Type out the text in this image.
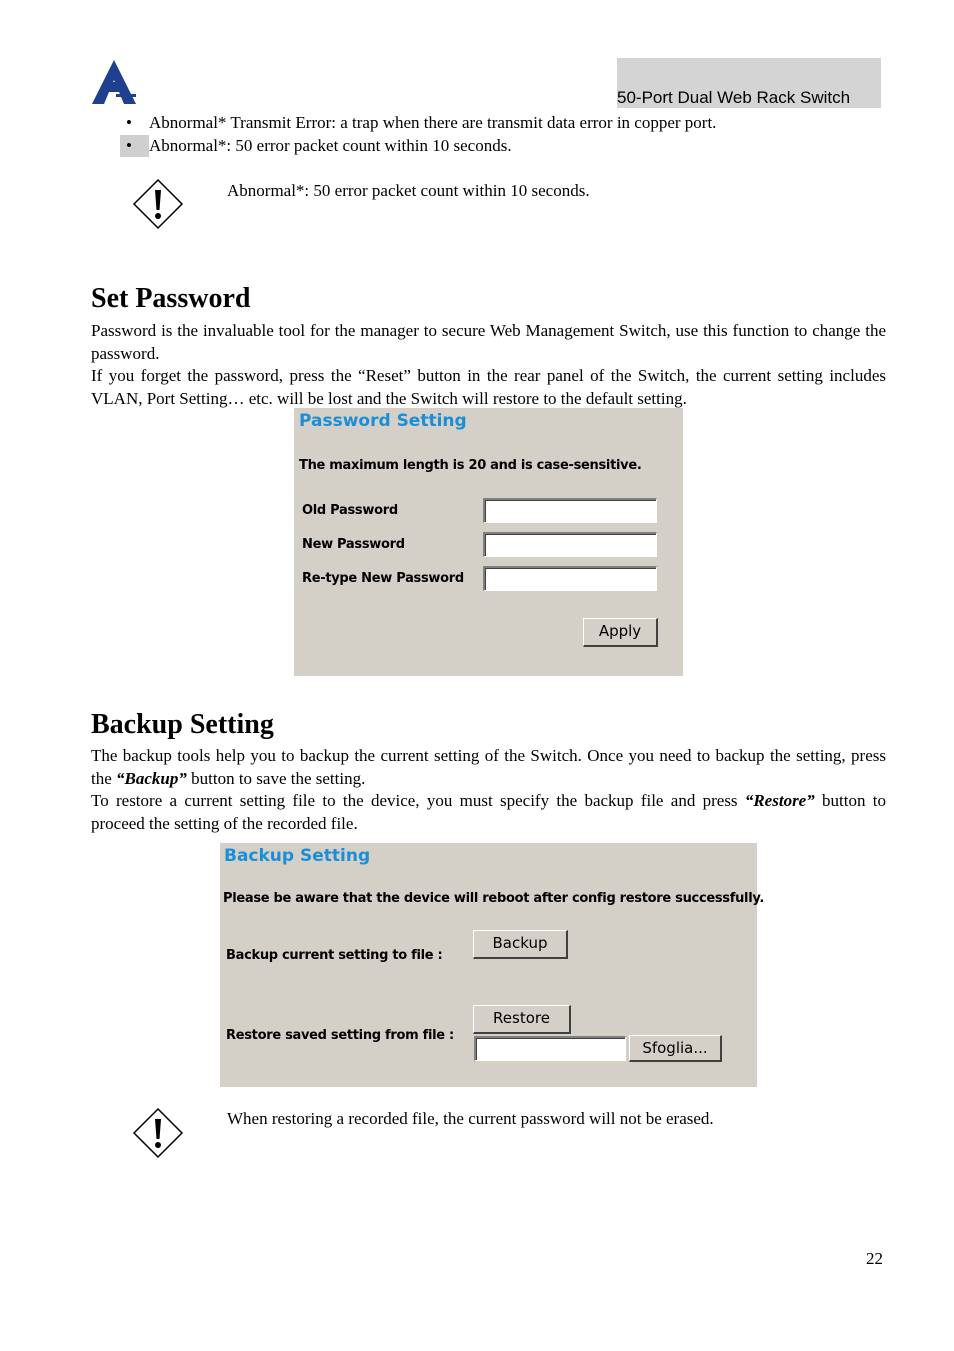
50-Port Dual Web Rack Switch
•	Abnormal* Transmit Error: a trap when there are transmit data error in copper port.
•	Abnormal*: 50 error packet count within 10 seconds.
Abnormal*: 50 error packet count within 10 seconds.
Set Password

Password is the invaluable tool for the manager to secure Web Management Switch, use this function to change the password.

If you forget the password, press the “Reset” button in the rear panel of the Switch, the current setting includes VLAN, Port Setting… etc. will be lost and the Switch will restore to the default setting.

Password Setting
The maximum length is 20 and is case-sensitive.
Old Password
New Password
Re-type New Password
Apply
Backup Setting

The backup tools help you to backup the current setting of the Switch. Once you need to backup the setting, press the “Backup” button to save the setting.

To restore a current setting file to the device, you must specify the backup file and press “Restore” button to proceed the setting of the recorded file.

Backup Setting
Please be aware that the device will reboot after config restore successfully.
Backup current setting to file :
Backup
Restore saved setting from file :
Restore
Sfoglia...
When restoring a recorded file, the current password will not be erased.
22
